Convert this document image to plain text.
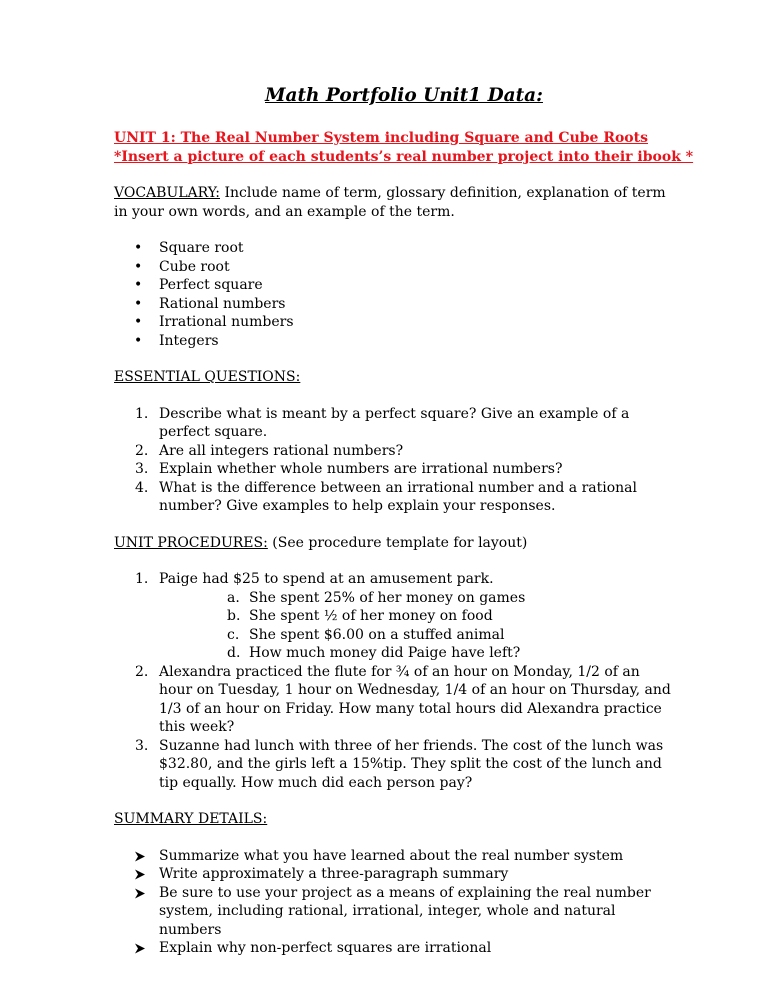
Math Portfolio Unit1 Data:
UNIT 1: The Real Number System including Square and Cube Roots
*Insert a picture of each students’s real number project into their ibook *

VOCABULARY: Include name of term, glossary definition, explanation of term in your own words, and an example of the term.

• Square root
• Cube root
• Perfect square
• Rational numbers
• Irrational numbers
• Integers

ESSENTIAL QUESTIONS:

1. Describe what is meant by a perfect square? Give an example of a perfect square.
2. Are all integers rational numbers?
3. Explain whether whole numbers are irrational numbers?
4. What is the difference between an irrational number and a rational number? Give examples to help explain your responses.

UNIT PROCEDURES: (See procedure template for layout)

1. Paige had $25 to spend at an amusement park.
a. She spent 25% of her money on games
b. She spent ½ of her money on food
c. She spent $6.00 on a stuffed animal
d. How much money did Paige have left?
2. Alexandra practiced the flute for ¾ of an hour on Monday, 1/2 of an hour on Tuesday, 1 hour on Wednesday, 1/4 of an hour on Thursday, and 1/3 of an hour on Friday. How many total hours did Alexandra practice this week?
3. Suzanne had lunch with three of her friends. The cost of the lunch was $32.80, and the girls left a 15%tip. They split the cost of the lunch and tip equally. How much did each person pay?

SUMMARY DETAILS:

Summarize what you have learned about the real number system
Write approximately a three-paragraph summary
Be sure to use your project as a means of explaining the real number system, including rational, irrational, integer, whole and natural numbers
Explain why non-perfect squares are irrational
